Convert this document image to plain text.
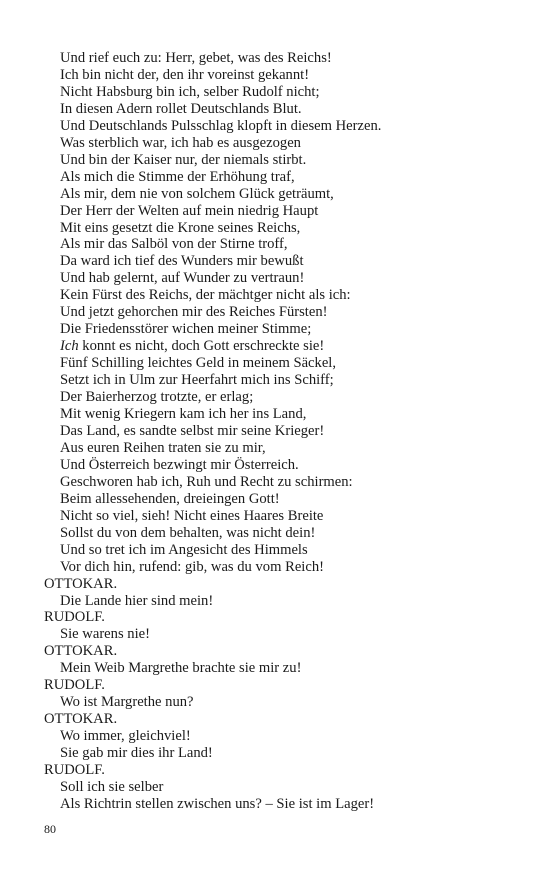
Und rief euch zu: Herr, gebet, was des Reichs!
Ich bin nicht der, den ihr voreinst gekannt!
Nicht Habsburg bin ich, selber Rudolf nicht;
In diesen Adern rollet Deutschlands Blut.
Und Deutschlands Pulsschlag klopft in diesem Herzen.
Was sterblich war, ich hab es ausgezogen
Und bin der Kaiser nur, der niemals stirbt.
Als mich die Stimme der Erhöhung traf,
Als mir, dem nie von solchem Glück geträumt,
Der Herr der Welten auf mein niedrig Haupt
Mit eins gesetzt die Krone seines Reichs,
Als mir das Salböl von der Stirne troff,
Da ward ich tief des Wunders mir bewußt
Und hab gelernt, auf Wunder zu vertraun!
Kein Fürst des Reichs, der mächtger nicht als ich:
Und jetzt gehorchen mir des Reiches Fürsten!
Die Friedensstörer wichen meiner Stimme;
Ich konnt es nicht, doch Gott erschreckte sie!
Fünf Schilling leichtes Geld in meinem Säckel,
Setzt ich in Ulm zur Heerfahrt mich ins Schiff;
Der Baierherzog trotzte, er erlag;
Mit wenig Kriegern kam ich her ins Land,
Das Land, es sandte selbst mir seine Krieger!
Aus euren Reihen traten sie zu mir,
Und Österreich bezwingt mir Österreich.
Geschworen hab ich, Ruh und Recht zu schirmen:
Beim allessehenden, dreieingen Gott!
Nicht so viel, sieh! Nicht eines Haares Breite
Sollst du von dem behalten, was nicht dein!
Und so tret ich im Angesicht des Himmels
Vor dich hin, rufend: gib, was du vom Reich!
OTTOKAR.
Die Lande hier sind mein!
RUDOLF.
Sie warens nie!
OTTOKAR.
Mein Weib Margrethe brachte sie mir zu!
RUDOLF.
Wo ist Margrethe nun?
OTTOKAR.
Wo immer, gleichviel!
Sie gab mir dies ihr Land!
RUDOLF.
Soll ich sie selber
Als Richtrin stellen zwischen uns? – Sie ist im Lager!
80
